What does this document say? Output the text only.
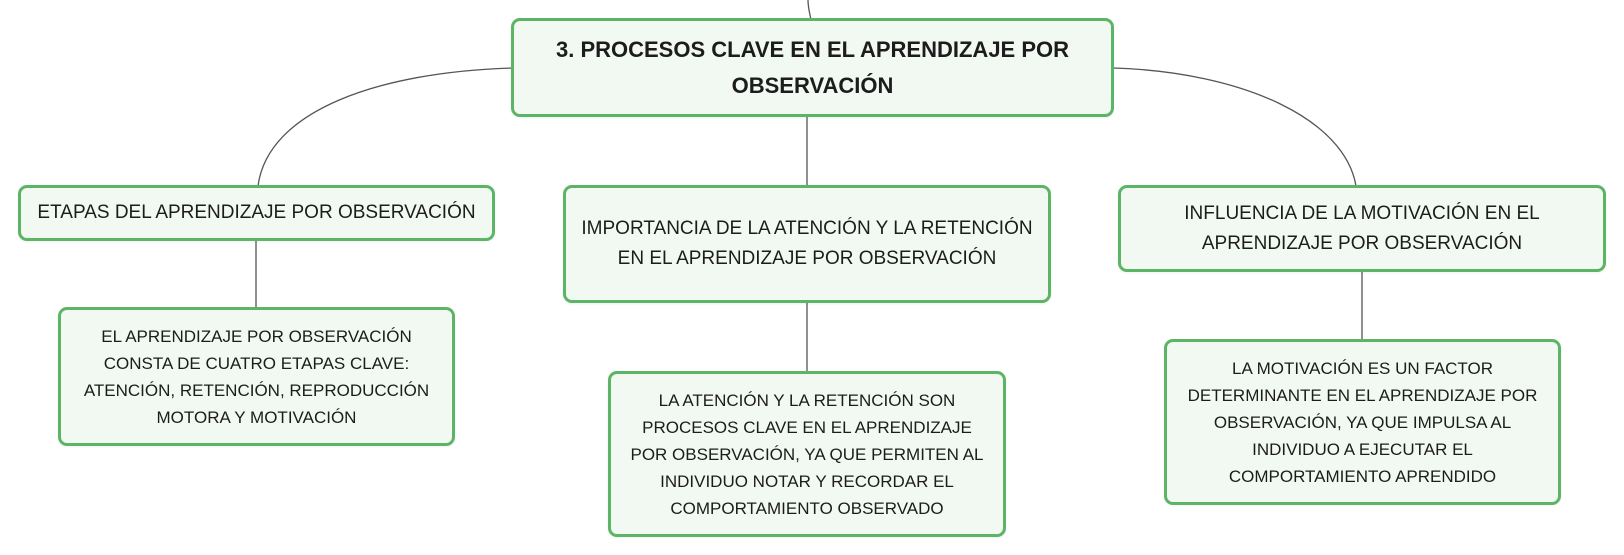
3. PROCESOS CLAVE EN EL APRENDIZAJE POR OBSERVACIÓN
ETAPAS DEL APRENDIZAJE POR OBSERVACIÓN
IMPORTANCIA DE LA ATENCIÓN Y LA RETENCIÓN EN EL APRENDIZAJE POR OBSERVACIÓN
INFLUENCIA DE LA MOTIVACIÓN EN EL APRENDIZAJE POR OBSERVACIÓN
EL APRENDIZAJE POR OBSERVACIÓN CONSTA DE CUATRO ETAPAS CLAVE: ATENCIÓN, RETENCIÓN, REPRODUCCIÓN MOTORA Y MOTIVACIÓN
LA ATENCIÓN Y LA RETENCIÓN SON PROCESOS CLAVE EN EL APRENDIZAJE POR OBSERVACIÓN, YA QUE PERMITEN AL INDIVIDUO NOTAR Y RECORDAR EL COMPORTAMIENTO OBSERVADO
LA MOTIVACIÓN ES UN FACTOR DETERMINANTE EN EL APRENDIZAJE POR OBSERVACIÓN, YA QUE IMPULSA AL INDIVIDUO A EJECUTAR EL COMPORTAMIENTO APRENDIDO
